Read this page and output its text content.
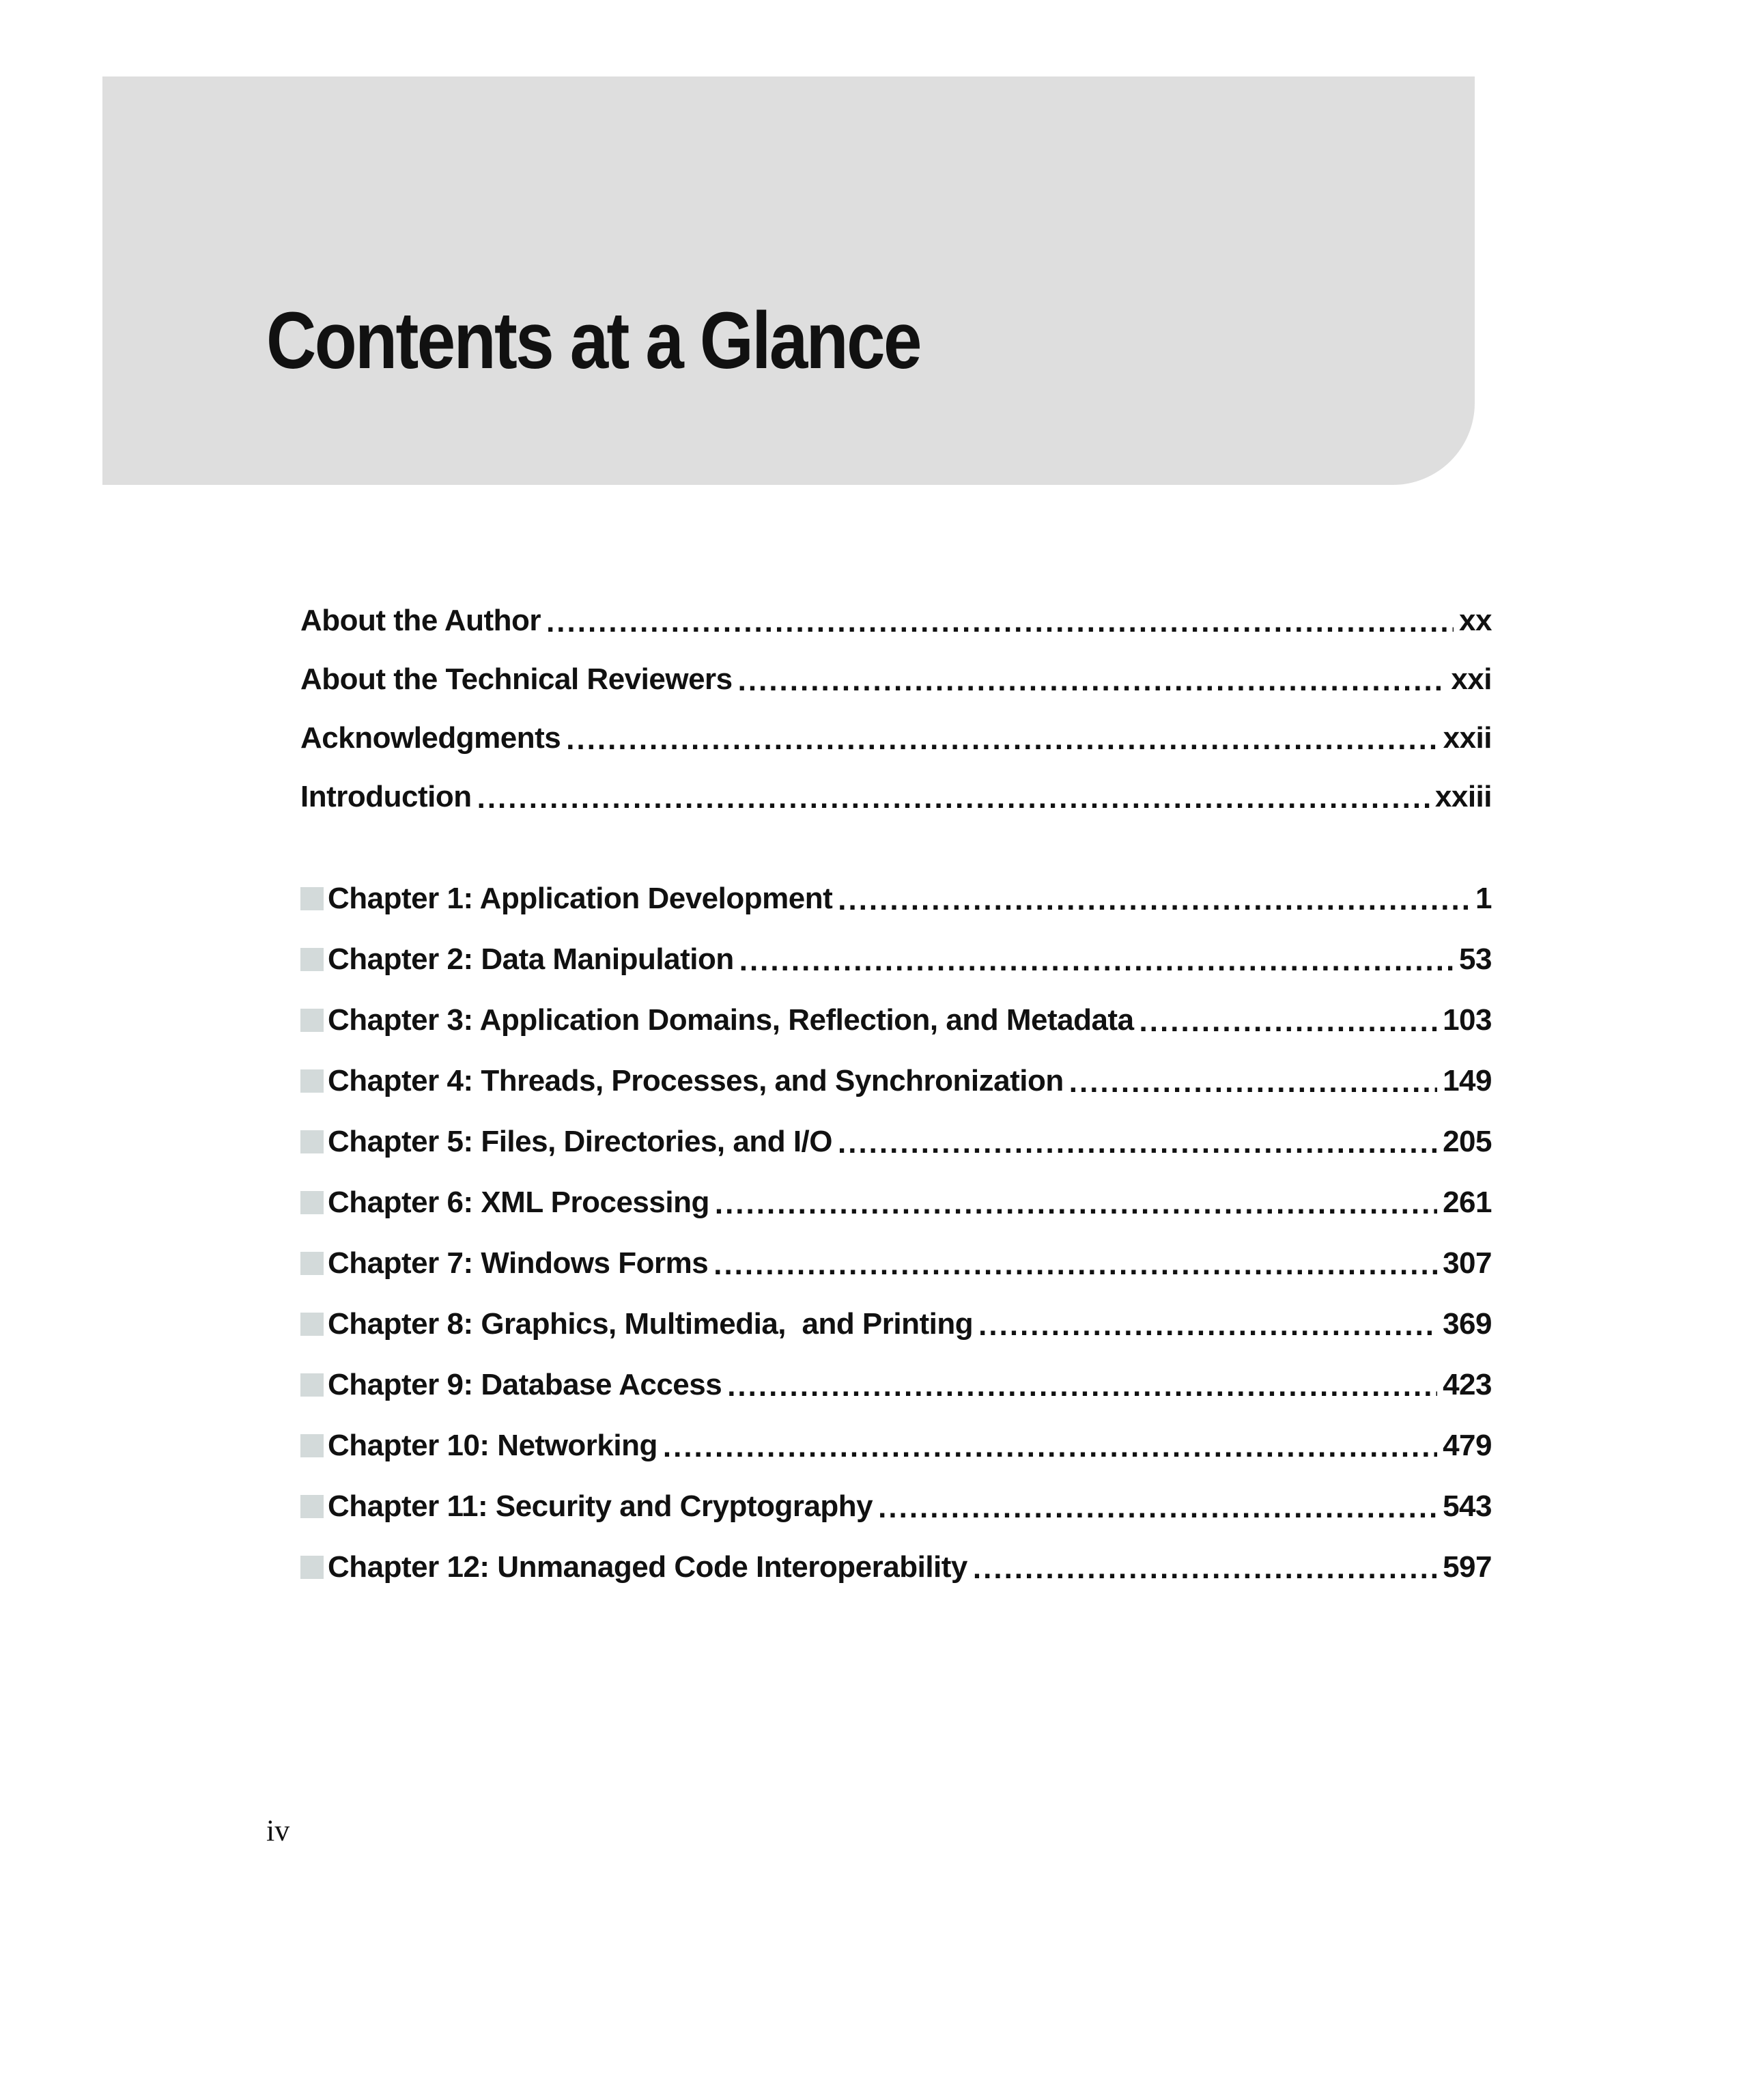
Contents at a Glance
About the Author .....	xx
About the Technical Reviewers .....	xxi
Acknowledgments .....	xxii
Introduction .....	xxiii
Chapter 1: Application Development .....	1
Chapter 2: Data Manipulation .....	53
Chapter 3: Application Domains, Reflection, and Metadata .....	103
Chapter 4: Threads, Processes, and Synchronization .....	149
Chapter 5: Files, Directories, and I/O .....	205
Chapter 6: XML Processing .....	261
Chapter 7: Windows Forms .....	307
Chapter 8: Graphics, Multimedia,  and Printing .....	369
Chapter 9: Database Access .....	423
Chapter 10: Networking .....	479
Chapter 11: Security and Cryptography .....	543
Chapter 12: Unmanaged Code Interoperability .....	597
iv
